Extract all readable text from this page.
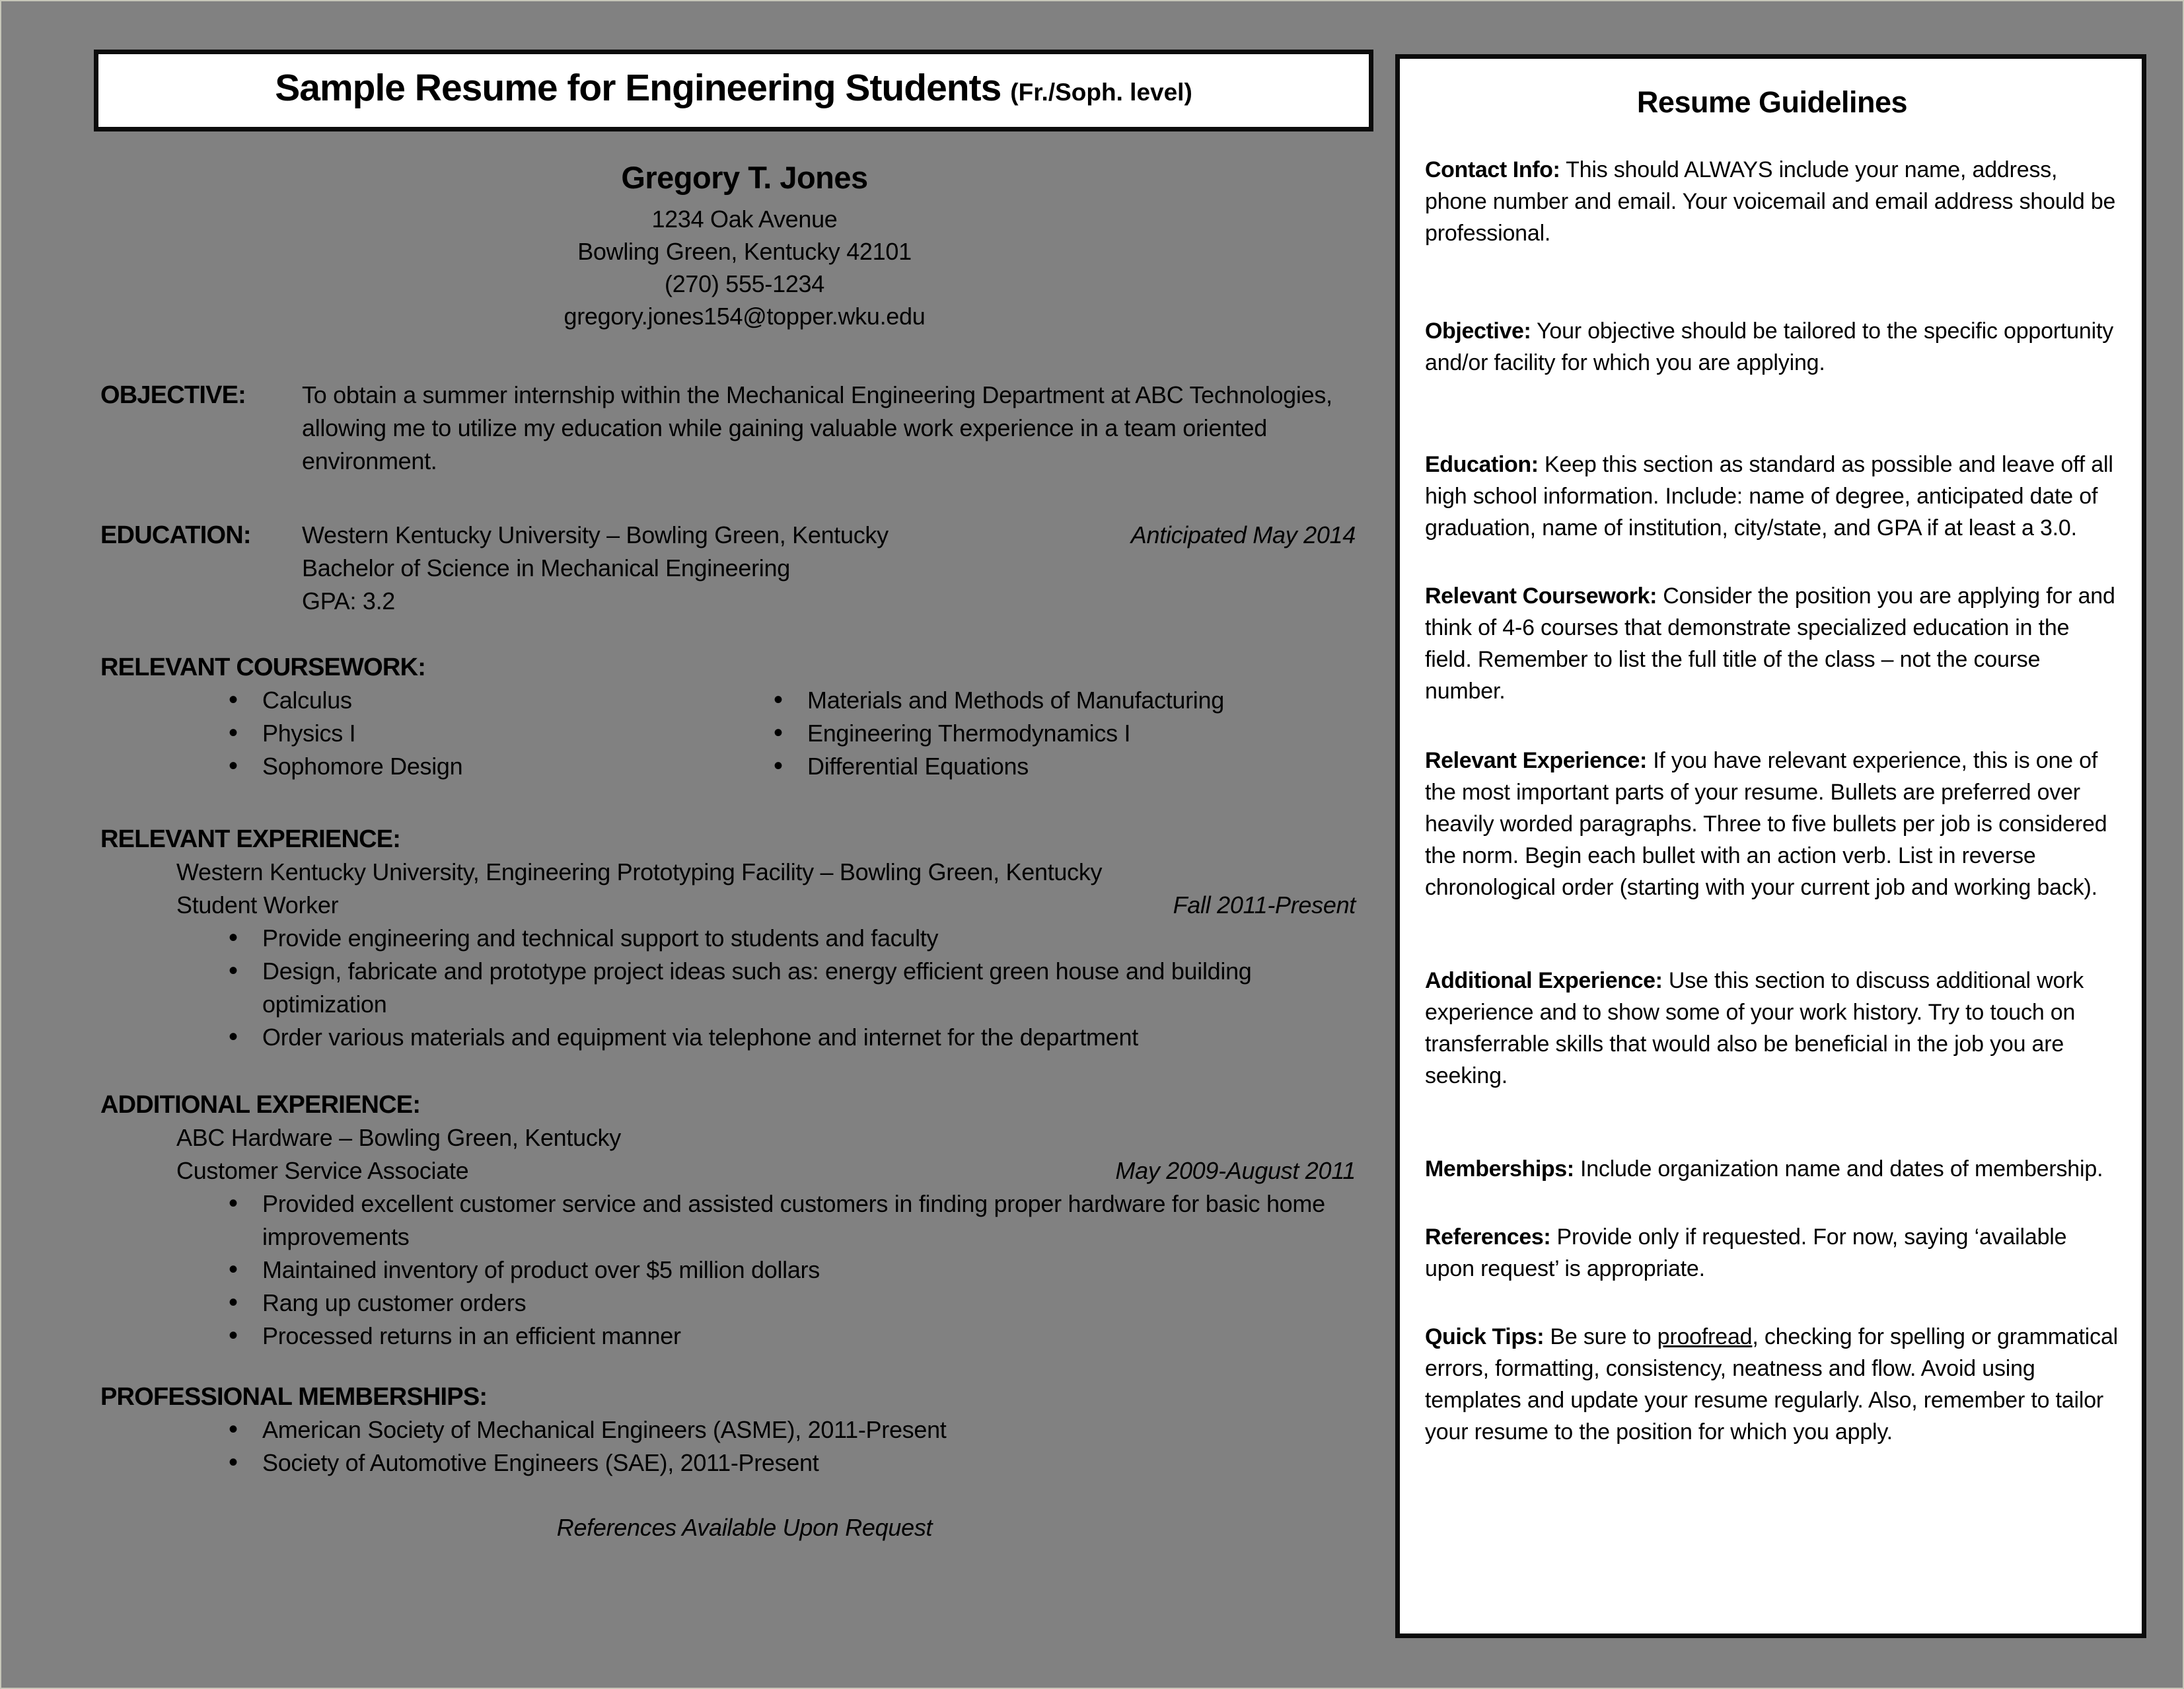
Sample Resume for Engineering Students (Fr./Soph. level)
Gregory T. Jones
1234 Oak Avenue
Bowling Green, Kentucky 42101
(270) 555-1234
gregory.jones154@topper.wku.edu
OBJECTIVE:	To obtain a summer internship within the Mechanical Engineering Department at ABC Technologies, allowing me to utilize my education while gaining valuable work experience in a team oriented environment.
EDUCATION:	Western Kentucky University – Bowling Green, Kentucky	Anticipated May 2014
Bachelor of Science in Mechanical Engineering
GPA: 3.2
RELEVANT COURSEWORK:
• Calculus
• Physics I
• Sophomore Design
• Materials and Methods of Manufacturing
• Engineering Thermodynamics I
• Differential Equations
RELEVANT EXPERIENCE:
Western Kentucky University, Engineering Prototyping Facility – Bowling Green, Kentucky
Student Worker	Fall 2011-Present
• Provide engineering and technical support to students and faculty
• Design, fabricate and prototype project ideas such as: energy efficient green house and building optimization
• Order various materials and equipment via telephone and internet for the department
ADDITIONAL EXPERIENCE:
ABC Hardware – Bowling Green, Kentucky
Customer Service Associate	May 2009-August 2011
• Provided excellent customer service and assisted customers in finding proper hardware for basic home improvements
• Maintained inventory of product over $5 million dollars
• Rang up customer orders
• Processed returns in an efficient manner
PROFESSIONAL MEMBERSHIPS:
• American Society of Mechanical Engineers (ASME), 2011-Present
• Society of Automotive Engineers (SAE), 2011-Present
References Available Upon Request
Resume Guidelines

Contact Info: This should ALWAYS include your name, address, phone number and email. Your voicemail and email address should be professional.

Objective: Your objective should be tailored to the specific opportunity and/or facility for which you are applying.

Education: Keep this section as standard as possible and leave off all high school information. Include: name of degree, anticipated date of graduation, name of institution, city/state, and GPA if at least a 3.0.

Relevant Coursework: Consider the position you are applying for and think of 4-6 courses that demonstrate specialized education in the field. Remember to list the full title of the class – not the course number.

Relevant Experience: If you have relevant experience, this is one of the most important parts of your resume. Bullets are preferred over heavily worded paragraphs. Three to five bullets per job is considered the norm. Begin each bullet with an action verb. List in reverse chronological order (starting with your current job and working back).

Additional Experience: Use this section to discuss additional work experience and to show some of your work history. Try to touch on transferrable skills that would also be beneficial in the job you are seeking.

Memberships: Include organization name and dates of membership.

References: Provide only if requested. For now, saying ‘available upon request’ is appropriate.

Quick Tips: Be sure to proofread, checking for spelling or grammatical errors, formatting, consistency, neatness and flow. Avoid using templates and update your resume regularly. Also, remember to tailor your resume to the position for which you apply.
